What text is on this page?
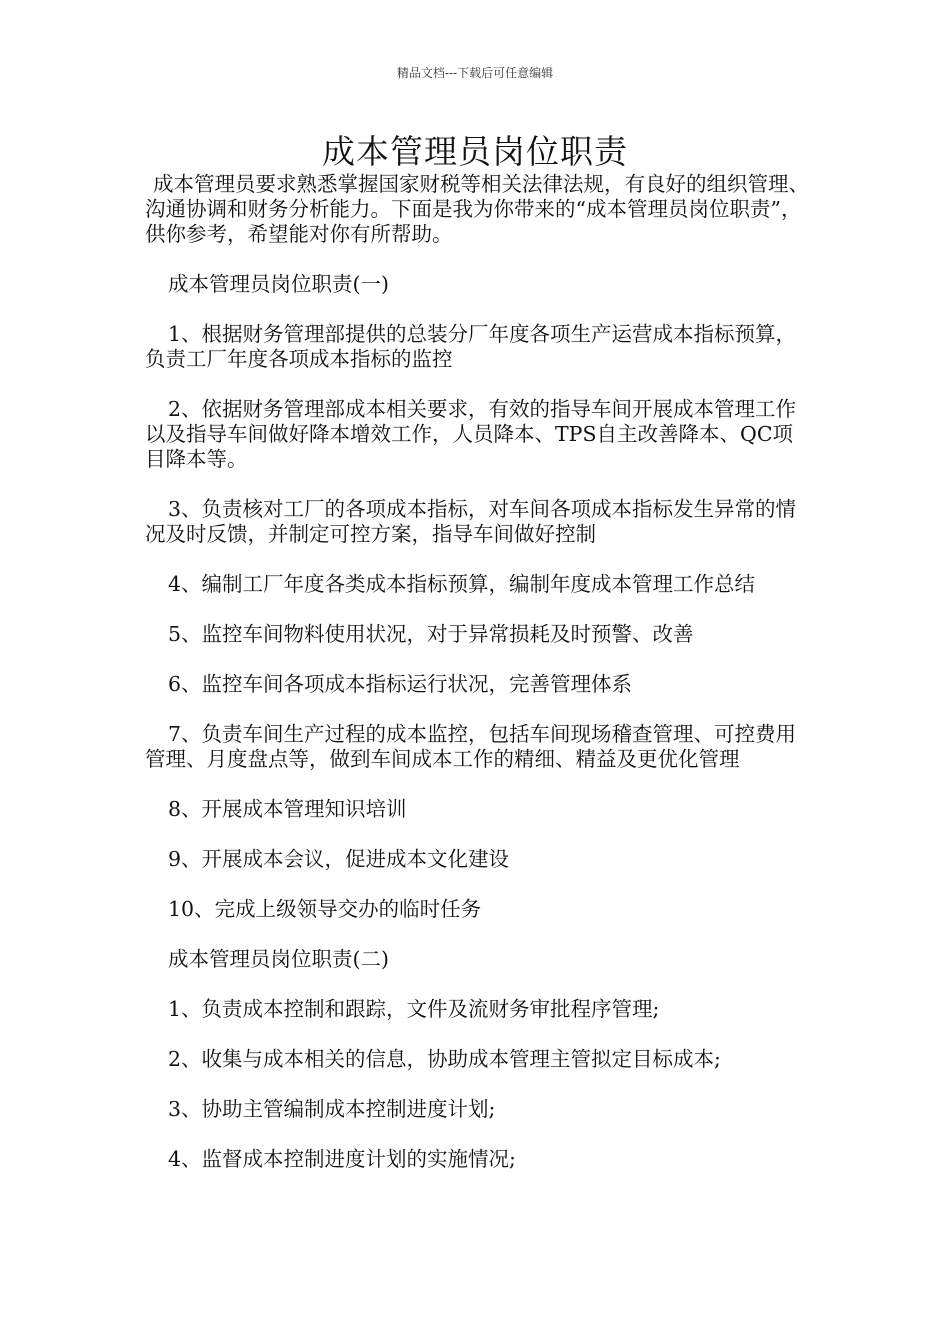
精品文档---下载后可任意编辑
成本管理员岗位职责

成本管理员要求熟悉掌握国家财税等相关法律法规，有良好的组织管理、沟通协调和财务分析能力。下面是我为你带来的“成本管理员岗位职责”，供你参考，希望能对你有所帮助。

成本管理员岗位职责(一)

1、根据财务管理部提供的总装分厂年度各项生产运营成本指标预算，负责工厂年度各项成本指标的监控

2、依据财务管理部成本相关要求，有效的指导车间开展成本管理工作以及指导车间做好降本增效工作，人员降本、TPS自主改善降本、QC项目降本等。

3、负责核对工厂的各项成本指标，对车间各项成本指标发生异常的情况及时反馈，并制定可控方案，指导车间做好控制

4、编制工厂年度各类成本指标预算，编制年度成本管理工作总结

5、监控车间物料使用状况，对于异常损耗及时预警、改善

6、监控车间各项成本指标运行状况，完善管理体系

7、负责车间生产过程的成本监控，包括车间现场稽查管理、可控费用管理、月度盘点等，做到车间成本工作的精细、精益及更优化管理

8、开展成本管理知识培训

9、开展成本会议，促进成本文化建设

10、完成上级领导交办的临时任务

成本管理员岗位职责(二)

1、负责成本控制和跟踪，文件及流财务审批程序管理;

2、收集与成本相关的信息，协助成本管理主管拟定目标成本;

3、协助主管编制成本控制进度计划;

4、监督成本控制进度计划的实施情况;
